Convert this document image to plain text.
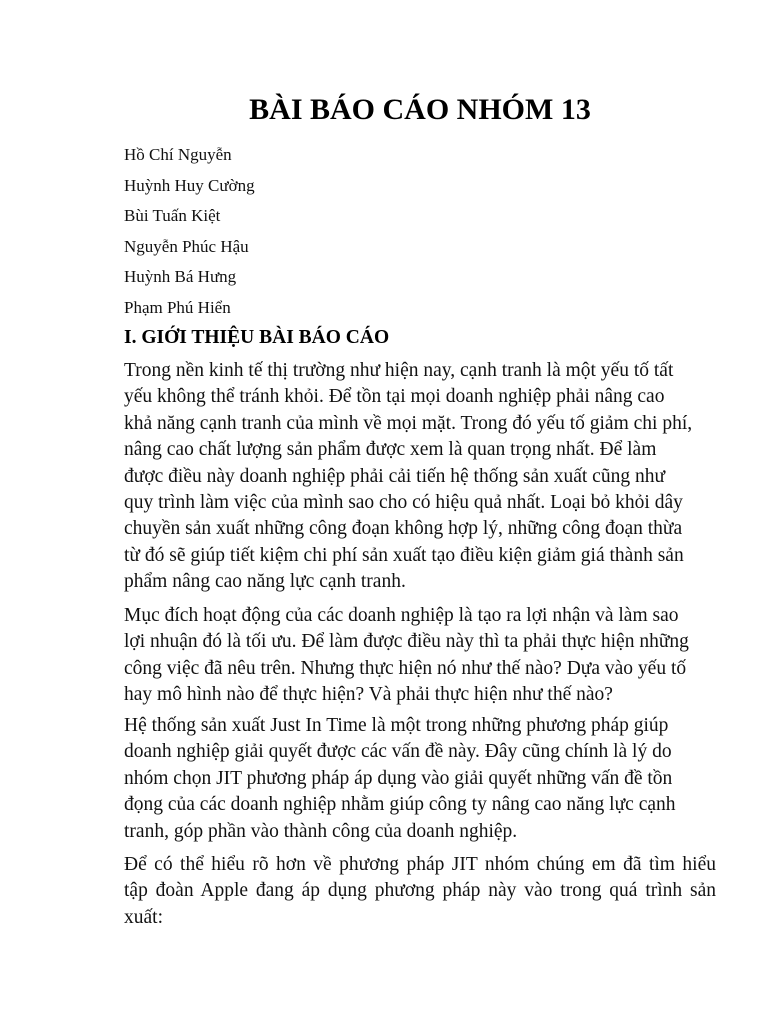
BÀI BÁO CÁO NHÓM 13
Hồ Chí Nguyễn
Huỳnh Huy Cường
Bùi Tuấn Kiệt
Nguyễn Phúc Hậu
Huỳnh Bá Hưng
Phạm Phú Hiển
I. GIỚI THIỆU BÀI BÁO CÁO

Trong nền kinh tế thị trường như hiện nay, cạnh tranh là một yếu tố tất
yếu không thể tránh khỏi. Để tồn tại mọi doanh nghiệp phải nâng cao
khả năng cạnh tranh của mình về mọi mặt. Trong đó yếu tố giảm chi phí,
nâng cao chất lượng sản phẩm được xem là quan trọng nhất. Để làm
được điều này doanh nghiệp phải cải tiến hệ thống sản xuất cũng như
quy trình làm việc của mình sao cho có hiệu quả nhất. Loại bỏ khỏi dây
chuyền sản xuất những công đoạn không hợp lý, những công đoạn thừa
từ đó sẽ giúp tiết kiệm chi phí sản xuất tạo điều kiện giảm giá thành sản
phẩm nâng cao năng lực cạnh tranh.

Mục đích hoạt động của các doanh nghiệp là tạo ra lợi nhận và làm sao
lợi nhuận đó là tối ưu. Để làm được điều này thì ta phải thực hiện những
công việc đã nêu trên. Nhưng thực hiện nó như thế nào? Dựa vào yếu tố
hay mô hình nào để thực hiện? Và phải thực hiện như thế nào?

Hệ thống sản xuất Just In Time là một trong những phương pháp giúp
doanh nghiệp giải quyết được các vấn đề này. Đây cũng chính là lý do
nhóm chọn JIT phương pháp áp dụng vào giải quyết những vấn đề tồn
đọng của các doanh nghiệp nhằm giúp công ty nâng cao năng lực cạnh
tranh, góp phần vào thành công của doanh nghiệp.

Để có thể hiểu rõ hơn về phương pháp JIT nhóm chúng em đã tìm hiểu
tập đoàn Apple đang áp dụng phương pháp này vào trong quá trình sản
xuất:
